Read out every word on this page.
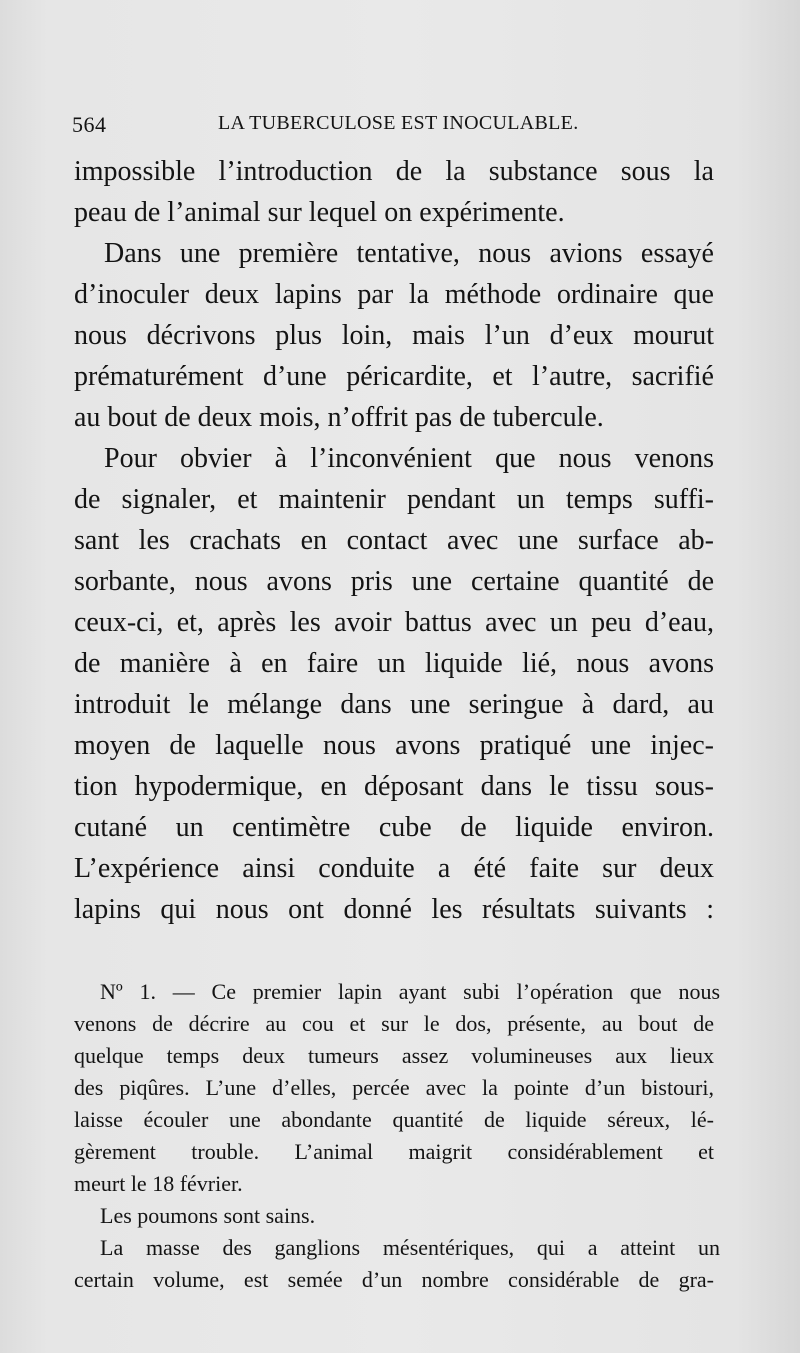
564	LA TUBERCULOSE EST INOCULABLE.
impossible l’introduction de la substance sous la
peau de l’animal sur lequel on expérimente.
Dans une première tentative, nous avions essayé
d’inoculer deux lapins par la méthode ordinaire que
nous décrivons plus loin, mais l’un d’eux mourut
prématurément d’une péricardite, et l’autre, sacrifié
au bout de deux mois, n’offrit pas de tubercule.
Pour obvier à l’inconvénient que nous venons
de signaler, et maintenir pendant un temps suffi-
sant les crachats en contact avec une surface ab-
sorbante, nous avons pris une certaine quantité de
ceux-ci, et, après les avoir battus avec un peu d’eau,
de manière à en faire un liquide lié, nous avons
introduit le mélange dans une seringue à dard, au
moyen de laquelle nous avons pratiqué une injec-
tion hypodermique, en déposant dans le tissu sous-
cutané un centimètre cube de liquide environ.
L’expérience ainsi conduite a été faite sur deux
lapins qui nous ont donné les résultats suivants :
Nº 1. — Ce premier lapin ayant subi l’opération que nous
venons de décrire au cou et sur le dos, présente, au bout de
quelque temps deux tumeurs assez volumineuses aux lieux
des piqûres. L’une d’elles, percée avec la pointe d’un bistouri,
laisse écouler une abondante quantité de liquide séreux, lé-
gèrement trouble. L’animal maigrit considérablement et
meurt le 18 février.
Les poumons sont sains.
La masse des ganglions mésentériques, qui a atteint un
certain volume, est semée d’un nombre considérable de gra-
